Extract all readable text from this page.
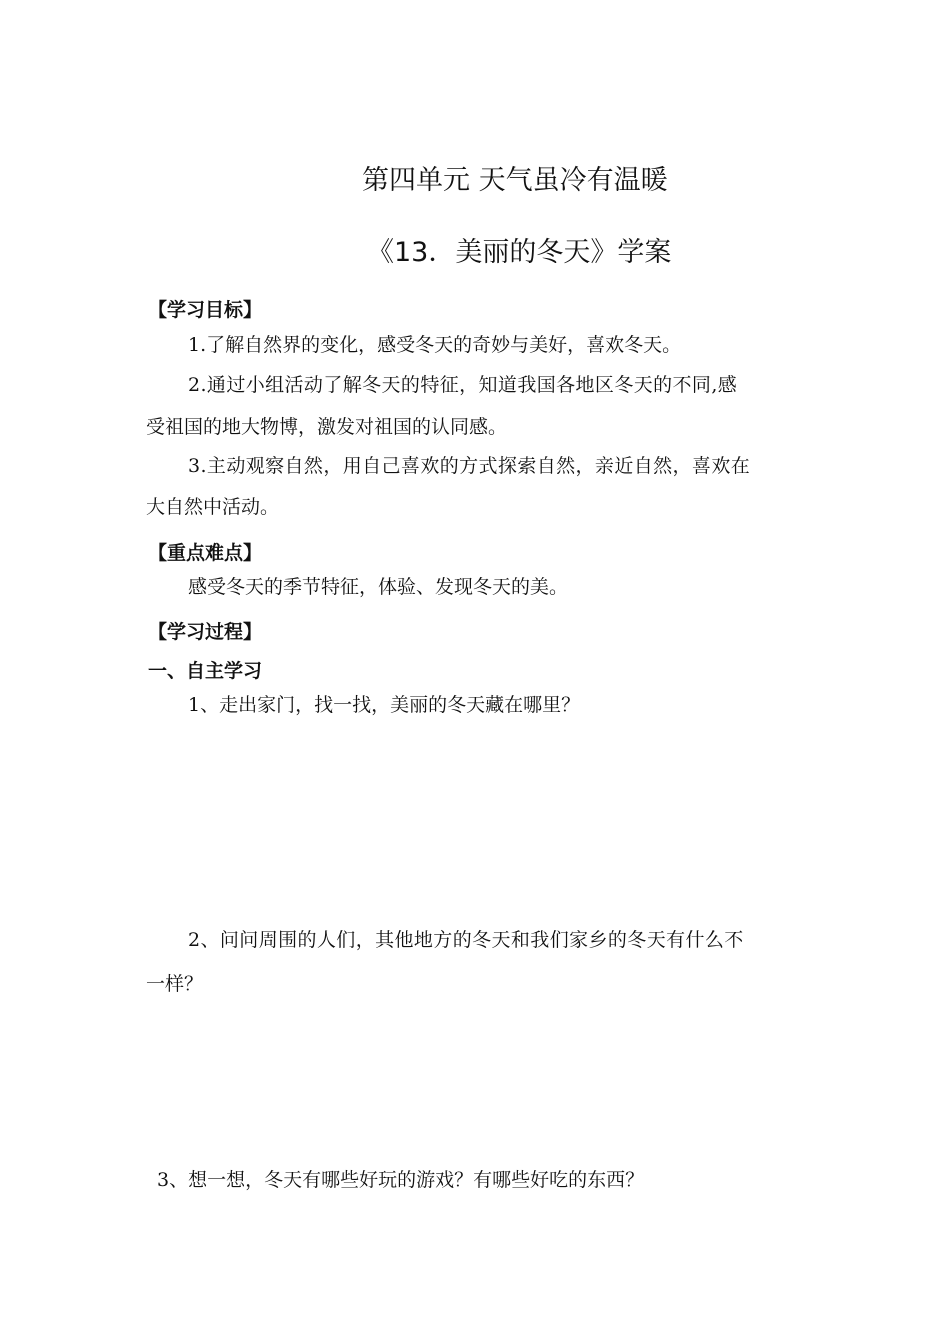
第四单元 天气虽冷有温暖
《13．美丽的冬天》学案
【学习目标】
1.了解自然界的变化，感受冬天的奇妙与美好，喜欢冬天。
2.通过小组活动了解冬天的特征，知道我国各地区冬天的不同,感
受祖国的地大物博，激发对祖国的认同感。
3.主动观察自然，用自己喜欢的方式探索自然，亲近自然，喜欢在
大自然中活动。
【重点难点】
感受冬天的季节特征，体验、发现冬天的美。
【学习过程】
一、自主学习
1、走出家门，找一找，美丽的冬天藏在哪里？
2、问问周围的人们，其他地方的冬天和我们家乡的冬天有什么不
一样？
3、想一想，冬天有哪些好玩的游戏？有哪些好吃的东西？
